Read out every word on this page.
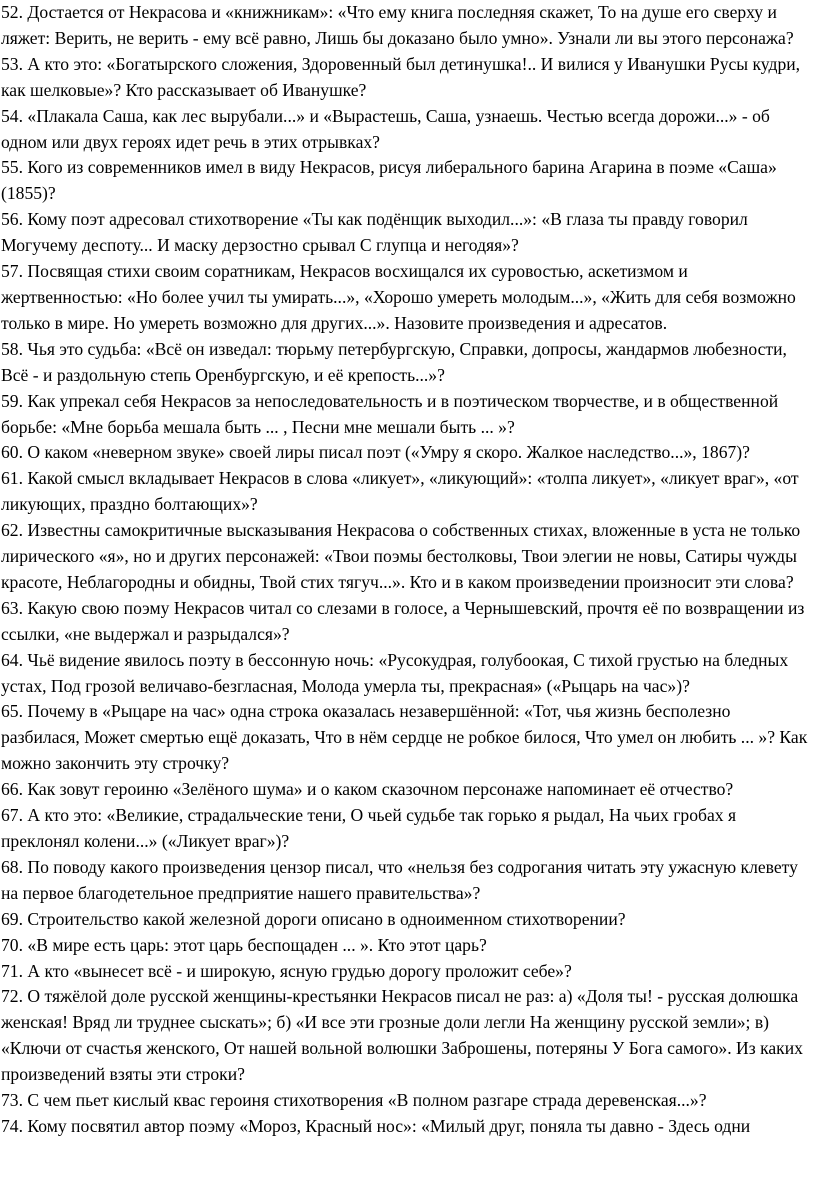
52. Достается от Некрасова и «книжникам»: «Что ему книга последняя скажет, То на душе его сверху и ляжет: Верить, не верить - ему всё равно, Лишь бы доказано было умно». Узнали ли вы этого персонажа?

53. А кто это: «Богатырского сложения, Здоровенный был детинушка!.. И вилися у Иванушки Русы кудри, как шелковые»? Кто рассказывает об Иванушке?

54. «Плакала Саша, как лес вырубали...» и «Вырастешь, Саша, узнаешь. Честью всегда дорожи...» - об одном или двух героях идет речь в этих отрывках?

55. Кого из современников имел в виду Некрасов, рисуя либерального барина Агарина в поэме «Саша» (1855)?

56. Кому поэт адресовал стихотворение «Ты как подёнщик выходил...»: «В глаза ты правду говорил Могучему деспоту... И маску дерзостно срывал С глупца и негодяя»?

57. Посвящая стихи своим соратникам, Некрасов восхищался их суровостью, аскетизмом и жертвенностью: «Но более учил ты умирать...», «Хорошо умереть молодым...», «Жить для себя возможно только в мире. Но умереть возможно для других...». Назовите произведения и адресатов.

58. Чья это судьба: «Всё он изведал: тюрьму петербургскую, Справки, допросы, жандармов любезности, Всё - и раздольную степь Оренбургскую, и её крепость...»?

59. Как упрекал себя Некрасов за непоследовательность и в поэтическом творчестве, и в общественной борьбе: «Мне борьба мешала быть ... , Песни мне мешали быть ... »?

60. О каком «неверном звуке» своей лиры писал поэт («Умру я скоро. Жалкое наследство...», 1867)?

61. Какой смысл вкладывает Некрасов в слова «ликует», «ликующий»: «толпа ликует», «ликует враг», «от ликующих, праздно болтающих»?

62. Известны самокритичные высказывания Некрасова о собственных стихах, вложенные в уста не только лирического «я», но и других персонажей: «Твои поэмы бестолковы, Твои элегии не новы, Сатиры чужды красоте, Неблагородны и обидны, Твой стих тягуч...». Кто и в каком произведении произносит эти слова?

63. Какую свою поэму Некрасов читал со слезами в голосе, а Чернышевский, прочтя её по возвращении из ссылки, «не выдержал и разрыдался»?

64. Чьё видение явилось поэту в бессонную ночь: «Русокудрая, голубоокая, С тихой грустью на бледных устах, Под грозой величаво-безгласная, Молода умерла ты, прекрасная» («Рыцарь на час»)?

65. Почему в «Рыцаре на час» одна строка оказалась незавершённой: «Тот, чья жизнь бесполезно разбилася, Может смертью ещё доказать, Что в нём сердце не робкое билося, Что умел он любить ... »? Как можно закончить эту строчку?

66. Как зовут героиню «Зелёного шума» и о каком сказочном персонаже напоминает её отчество?

67. А кто это: «Великие, страдальческие тени, О чьей судьбе так горько я рыдал, На чьих гробах я преклонял колени...» («Ликует враг»)?

68. По поводу какого произведения цензор писал, что «нельзя без содрогания читать эту ужасную клевету на первое благодетельное предприятие нашего правительства»?

69. Строительство какой железной дороги описано в одноименном стихотворении?

70. «В мире есть царь: этот царь беспощаден ... ». Кто этот царь?

71. А кто «вынесет всё - и широкую, ясную грудью дорогу проложит себе»?

72. О тяжёлой доле русской женщины-крестьянки Некрасов писал не раз: а) «Доля ты! - русская долюшка женская! Вряд ли труднее сыскать»; б) «И все эти грозные доли легли На женщину русской земли»; в) «Ключи от счастья женского, От нашей вольной волюшки Заброшены, потеряны У Бога самого». Из каких произведений взяты эти строки?

73. С чем пьет кислый квас героиня стихотворения «В полном разгаре страда деревенская...»?

74. Кому посвятил автор поэму «Мороз, Красный нос»: «Милый друг, поняла ты давно - Здесь одни
